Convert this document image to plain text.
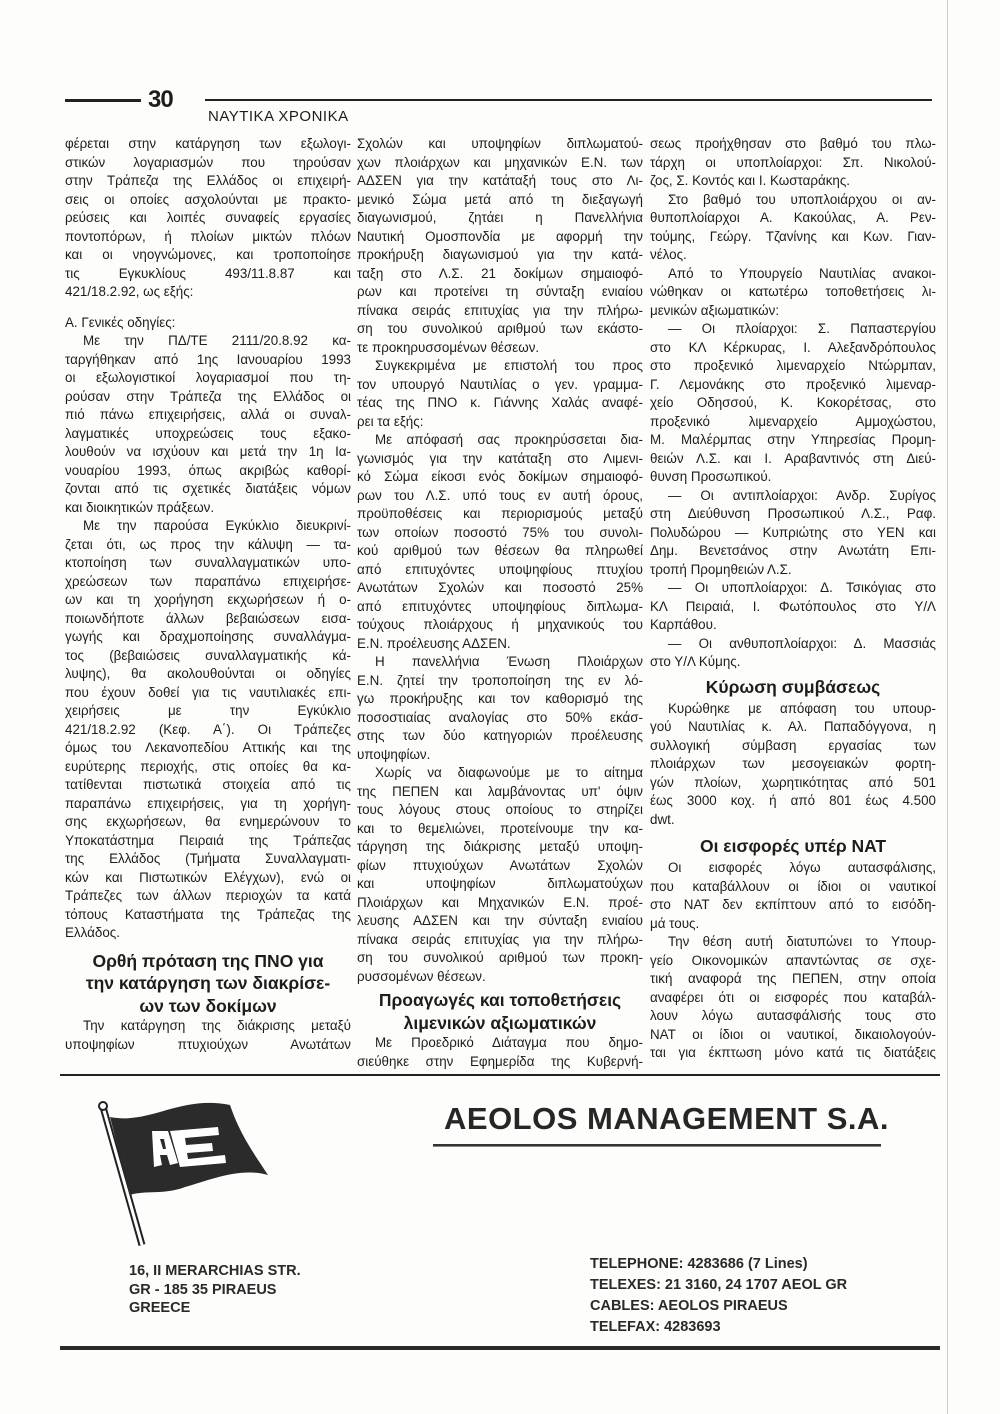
30
ΝΑΥΤΙΚΑ ΧΡΟΝΙΚΑ
φέρεται στην κατάργηση των εξωλογι-
στικών λογαριασμών που τηρούσαν
στην Τράπεζα της Ελλάδος οι επιχειρή-
σεις οι οποίες ασχολούνται με πρακτο-
ρεύσεις και λοιπές συναφείς εργασίες
ποντοπόρων, ή πλοίων μικτών πλόων
και οι νηογνώμονες, και τροποποίησε
τις Εγκυκλίους 493/11.8.87 και
421/18.2.92, ως εξής:
Α. Γενικές οδηγίες:
Με την ΠΔ/ΤΕ 2111/20.8.92 κα-
ταργήθηκαν από 1ης Ιανουαρίου 1993
οι εξωλογιστικοί λογαριασμοί που τη-
ρούσαν στην Τράπεζα της Ελλάδος οι
πιό πάνω επιχειρήσεις, αλλά οι συναλ-
λαγματικές υποχρεώσεις τους εξακο-
λουθούν να ισχύουν και μετά την 1η Ια-
νουαρίου 1993, όπως ακριβώς καθορί-
ζονται από τις σχετικές διατάξεις νόμων
και διοικητικών πράξεων.
Με την παρούσα Εγκύκλιο διευκρινί-
ζεται ότι, ως προς την κάλυψη — τα-
κτοποίηση των συναλλαγματικών υπο-
χρεώσεων των παραπάνω επιχειρήσε-
ων και τη χορήγηση εκχωρήσεων ή ο-
ποιωνδήποτε άλλων βεβαιώσεων εισα-
γωγής και δραχμοποίησης συναλλάγμα-
τος (βεβαιώσεις συναλλαγματικής κά-
λυψης), θα ακολουθούνται οι οδηγίες
που έχουν δοθεί για τις ναυτιλιακές επι-
χειρήσεις με την Εγκύκλιο
421/18.2.92 (Κεφ. Α΄). Οι Τράπεζες
όμως του Λεκανοπεδίου Αττικής και της
ευρύτερης περιοχής, στις οποίες θα κα-
τατίθενται πιστωτικά στοιχεία από τις
παραπάνω επιχειρήσεις, για τη χορήγη-
σης εκχωρήσεων, θα ενημερώνουν το
Υποκατάστημα Πειραιά της Τράπεζας
της Ελλάδος (Τμήματα Συναλλαγματι-
κών και Πιστωτικών Ελέγχων), ενώ οι
Τράπεζες των άλλων περιοχών τα κατά
τόπους Καταστήματα της Τράπεζας της
Ελλάδος.
Ορθή πρόταση της ΠΝΟ για
την κατάργηση των διακρίσε-
ων των δοκίμων
Την κατάργηση της διάκρισης μεταξύ
υποψηφίων πτυχιούχων Ανωτάτων
Σχολών και υποψηφίων διπλωματού-
χων πλοιάρχων και μηχανικών Ε.Ν. των
ΑΔΣΕΝ για την κατάταξή τους στο Λι-
μενικό Σώμα μετά από τη διεξαγωγή
διαγωνισμού, ζητάει η Πανελλήνια
Ναυτική Ομοσπονδία με αφορμή την
προκήρυξη διαγωνισμού για την κατά-
ταξη στο Λ.Σ. 21 δοκίμων σημαιοφό-
ρων και προτείνει τη σύνταξη ενιαίου
πίνακα σειράς επιτυχίας για την πλήρω-
ση του συνολικού αριθμού των εκάστο-
τε προκηρυσσομένων θέσεων.
Συγκεκριμένα με επιστολή του προς
τον υπουργό Ναυτιλίας ο γεν. γραμμα-
τέας της ΠΝΟ κ. Γιάννης Χαλάς αναφέ-
ρει τα εξής:
Με απόφασή σας προκηρύσσεται δια-
γωνισμός για την κατάταξη στο Λιμενι-
κό Σώμα είκοσι ενός δοκίμων σημαιοφό-
ρων του Λ.Σ. υπό τους εν αυτή όρους,
προϋποθέσεις και περιορισμούς μεταξύ
των οποίων ποσοστό 75% του συνολι-
κού αριθμού των θέσεων θα πληρωθεί
από επιτυχόντες υποψηφίους πτυχίου
Ανωτάτων Σχολών και ποσοστό 25%
από επιτυχόντες υποψηφίους διπλωμα-
τούχους πλοιάρχους ή μηχανικούς του
Ε.Ν. προέλευσης ΑΔΣΕΝ.
Η πανελλήνια Ένωση Πλοιάρχων
Ε.Ν. ζητεί την τροποποίηση της εν λό-
γω προκήρυξης και τον καθορισμό της
ποσοστιαίας αναλογίας στο 50% εκάσ-
στης των δύο κατηγοριών προέλευσης
υποψηφίων.
Χωρίς να διαφωνούμε με το αίτημα
της ΠΕΠΕΝ και λαμβάνοντας υπ' όψιν
τους λόγους στους οποίους το στηρίζει
και το θεμελιώνει, προτείνουμε την κα-
τάργηση της διάκρισης μεταξύ υποψη-
φίων πτυχιούχων Ανωτάτων Σχολών
και υποψηφίων διπλωματούχων
Πλοιάρχων και Μηχανικών Ε.Ν. προέ-
λευσης ΑΔΣΕΝ και την σύνταξη ενιαίου
πίνακα σειράς επιτυχίας για την πλήρω-
ση του συνολικού αριθμού των προκη-
ρυσσομένων θέσεων.
Προαγωγές και τοποθετήσεις
λιμενικών αξιωματικών
Με Προεδρικό Διάταγμα που δημο-
σιεύθηκε στην Εφημερίδα της Κυβερνή-
σεως προήχθησαν στο βαθμό του πλω-
τάρχη οι υποπλοίαρχοι: Σπ. Νικολού-
ζος, Σ. Κοντός και Ι. Κωσταράκης.
Στο βαθμό του υποπλοιάρχου οι αν-
θυποπλοίαρχοι Α. Κακούλας, Α. Ρεν-
τούμης, Γεώργ. Τζανίνης και Κων. Γιαν-
νέλος.
Από το Υπουργείο Ναυτιλίας ανακοι-
νώθηκαν οι κατωτέρω τοποθετήσεις λι-
μενικών αξιωματικών:
— Οι πλοίαρχοι: Σ. Παπαστεργίου
στο ΚΛ Κέρκυρας, Ι. Αλεξανδρόπουλος
στο προξενικό λιμεναρχείο Ντώρμπαν,
Γ. Λεμονάκης στο προξενικό λιμεναρ-
χείο Οδησσού, Κ. Κοκορέτσας, στο
προξενικό λιμεναρχείο Αμμοχώστου,
Μ. Μαλέρμπας στην Υπηρεσίας Προμη-
θειών Λ.Σ. και Ι. Αραβαντινός στη Διεύ-
θυνση Προσωπικού.
— Οι αντιπλοίαρχοι: Ανδρ. Συρίγος
στη Διεύθυνση Προσωπικού Λ.Σ., Ραφ.
Πολυδώρου — Κυπριώτης στο ΥΕΝ και
Δημ. Βενετσάνος στην Ανωτάτη Επι-
τροπή Προμηθειών Λ.Σ.
— Οι υποπλοίαρχοι: Δ. Τσικόγιας στο
ΚΛ Πειραιά, Ι. Φωτόπουλος στο Υ/Λ
Καρπάθου.
— Οι ανθυποπλοίαρχοι: Δ. Μασσιάς
στο Υ/Λ Κύμης.
Κύρωση συμβάσεως
Κυρώθηκε με απόφαση του υπουρ-
γού Ναυτιλίας κ. Αλ. Παπαδόγγονα, η
συλλογική σύμβαση εργασίας των
πλοιάρχων των μεσογειακών φορτη-
γών πλοίων, χωρητικότητας από 501
έως 3000 κοχ. ή από 801 έως 4.500
dwt.
Οι εισφορές υπέρ ΝΑΤ
Οι εισφορές λόγω αυτασφάλισης,
που καταβάλλουν οι ίδιοι οι ναυτικοί
στο ΝΑΤ δεν εκπίπτουν από το εισόδη-
μά τους.
Την θέση αυτή διατυπώνει το Υπουρ-
γείο Οικονομικών απαντώντας σε σχε-
τική αναφορά της ΠΕΠΕΝ, στην οποία
αναφέρει ότι οι εισφορές που καταβάλ-
λουν λόγω αυτασφάλισής τους στο
ΝΑΤ οι ίδιοι οι ναυτικοί, δικαιολογούν-
ται για έκπτωση μόνο κατά τις διατάξεις
AEOLOS MANAGEMENT S.A.
16, II MERARCHIAS STR.
GR - 185 35 PIRAEUS
GREECE
TELEPHONE: 4283686 (7 Lines)
TELEXES: 21 3160, 24 1707 AEOL GR
CABLES: AEOLOS PIRAEUS
TELEFAX: 4283693
